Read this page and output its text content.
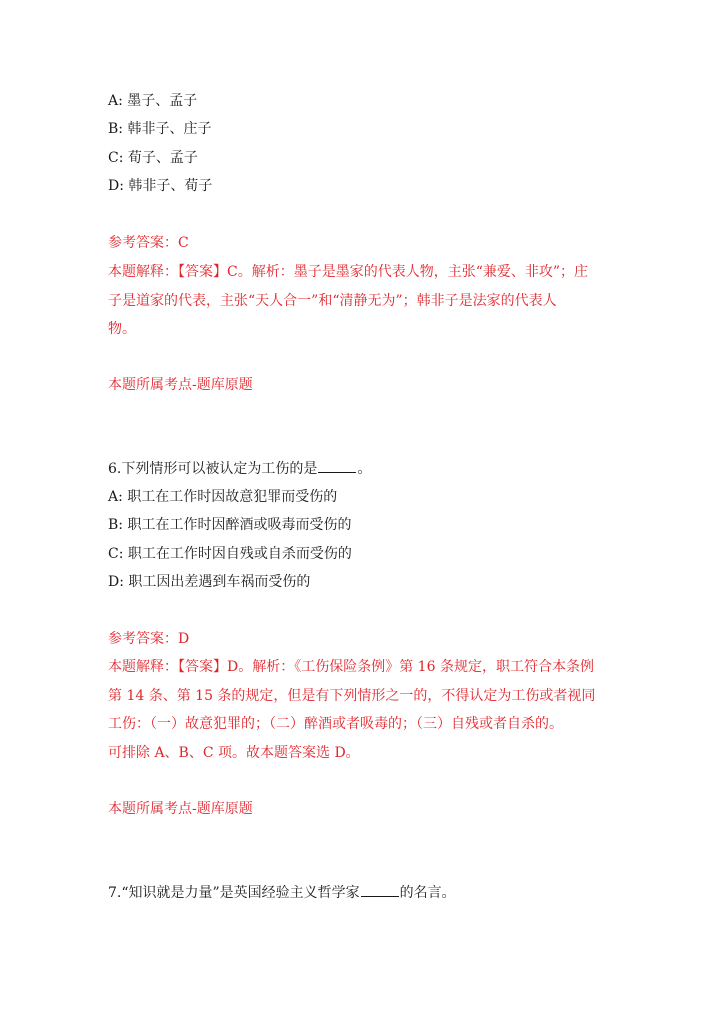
A: 墨子、孟子
B: 韩非子、庄子
C: 荀子、孟子
D: 韩非子、荀子
参考答案：C
本题解释：【答案】C。解析：墨子是墨家的代表人物，主张“兼爱、非攻”；庄
子是道家的代表，主张“天人合一”和“清静无为”；韩非子是法家的代表人
物。
本题所属考点-题库原题
6.下列情形可以被认定为工伤的是	。
A: 职工在工作时因故意犯罪而受伤的
B: 职工在工作时因醉酒或吸毒而受伤的
C: 职工在工作时因自残或自杀而受伤的
D: 职工因出差遇到车祸而受伤的
参考答案：D
本题解释：【答案】D。解析：《工伤保险条例》第 16 条规定，职工符合本条例
第 14 条、第 15 条的规定，但是有下列情形之一的，不得认定为工伤或者视同
工伤：（一）故意犯罪的；（二）醉酒或者吸毒的；（三）自残或者自杀的。
可排除 A、B、C 项。故本题答案选 D。
本题所属考点-题库原题
7.“知识就是力量”是英国经验主义哲学家	的名言。
